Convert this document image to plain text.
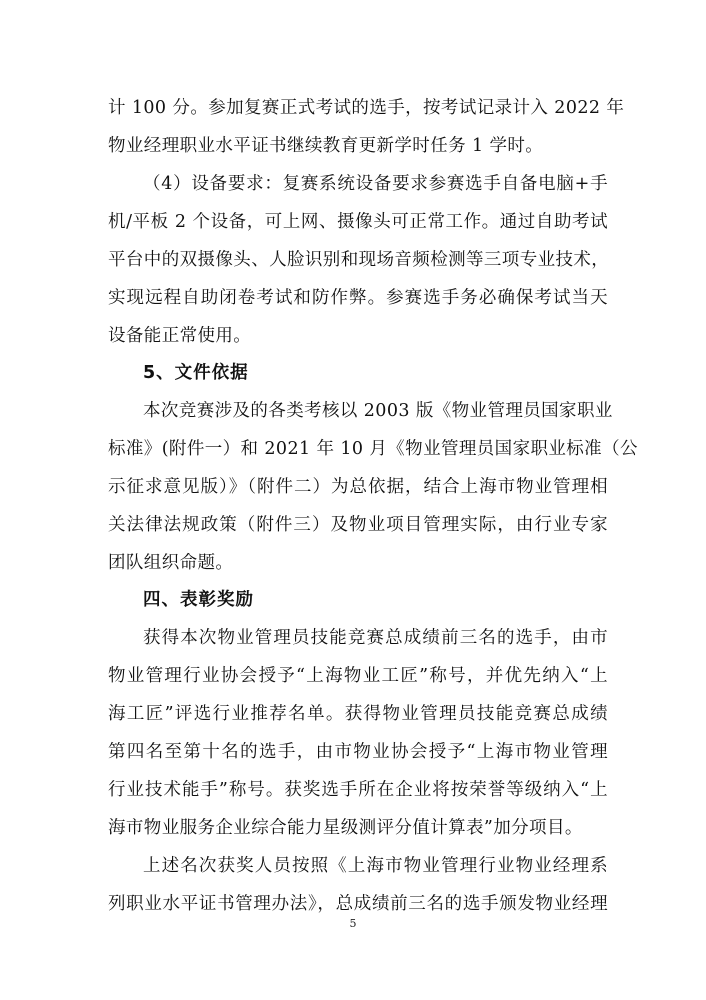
计 100 分。参加复赛正式考试的选手，按考试记录计入 2022 年
物业经理职业水平证书继续教育更新学时任务 1 学时。
（4）设备要求：复赛系统设备要求参赛选手自备电脑+手
机/平板 2 个设备，可上网、摄像头可正常工作。通过自助考试
平台中的双摄像头、人脸识别和现场音频检测等三项专业技术，
实现远程自助闭卷考试和防作弊。参赛选手务必确保考试当天
设备能正常使用。
5、文件依据
本次竞赛涉及的各类考核以 2003 版《物业管理员国家职业
标准》(附件一）和 2021 年 10 月《物业管理员国家职业标准（公
示征求意见版）》（附件二）为总依据，结合上海市物业管理相
关法律法规政策（附件三）及物业项目管理实际，由行业专家
团队组织命题。
四、表彰奖励
获得本次物业管理员技能竞赛总成绩前三名的选手，由市
物业管理行业协会授予“上海物业工匠”称号，并优先纳入“上
海工匠”评选行业推荐名单。获得物业管理员技能竞赛总成绩
第四名至第十名的选手，由市物业协会授予“上海市物业管理
行业技术能手”称号。获奖选手所在企业将按荣誉等级纳入“上
海市物业服务企业综合能力星级测评分值计算表”加分项目。
上述名次获奖人员按照《上海市物业管理行业物业经理系
列职业水平证书管理办法》，总成绩前三名的选手颁发物业经理
5
